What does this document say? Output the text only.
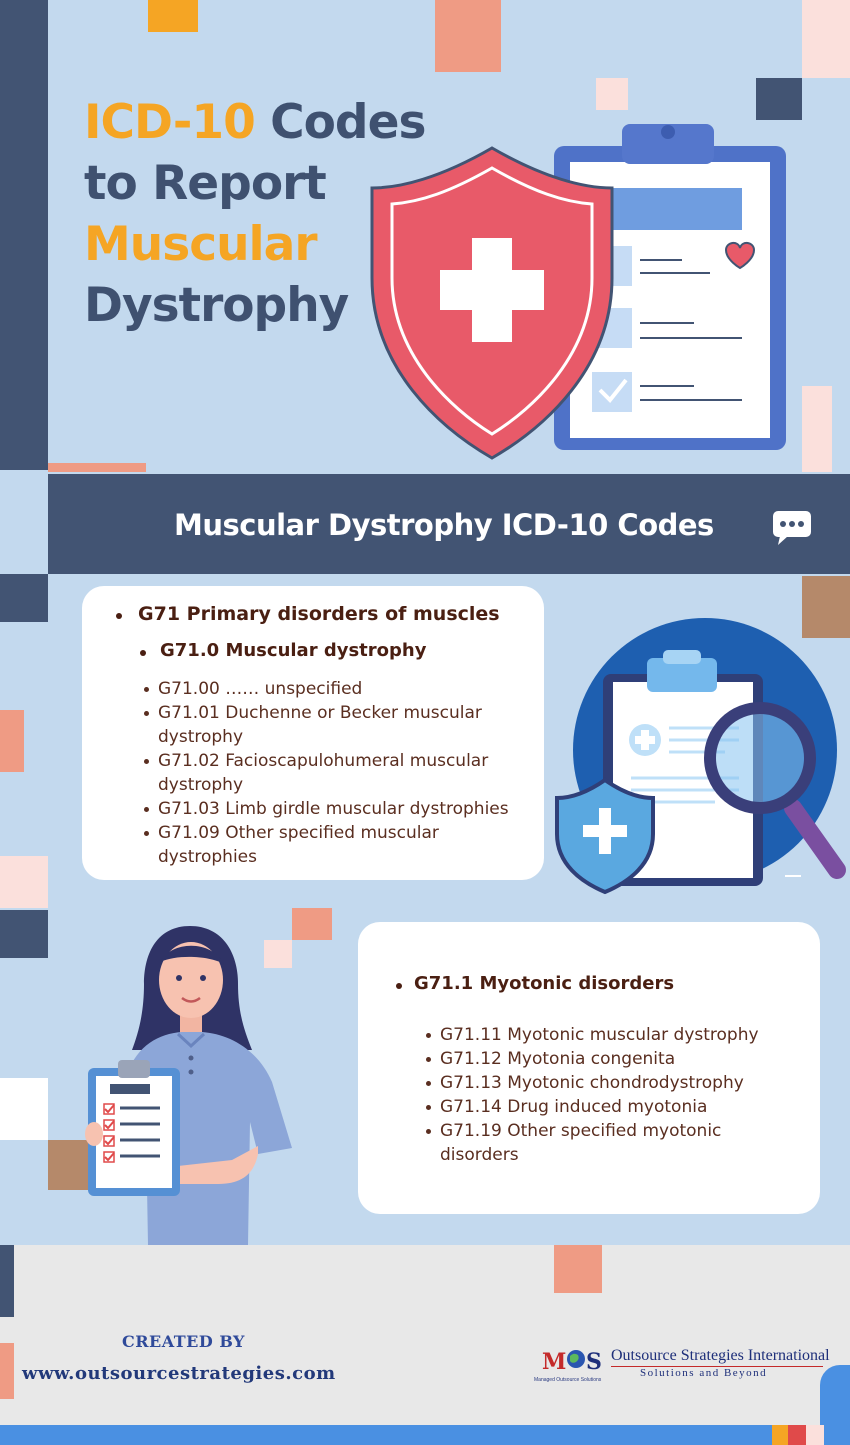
ICD-10 Codes
to Report
Muscular
Dystrophy
Muscular Dystrophy ICD-10 Codes
G71 Primary disorders of muscles
G71.0 Muscular dystrophy
G71.00 …… unspecified
G71.01 Duchenne or Becker muscular
dystrophy
G71.02 Facioscapulohumeral muscular
dystrophy
G71.03 Limb girdle muscular dystrophies
G71.09 Other specified muscular
dystrophies
G71.1 Myotonic disorders
G71.11 Myotonic muscular dystrophy
G71.12 Myotonia congenita
G71.13 Myotonic chondrodystrophy
G71.14 Drug induced myotonia
G71.19 Other specified myotonic
disorders
CREATED BY
www.outsourcestrategies.com	M S
Managed Outsource Solutions
Outsource Strategies International
Solutions and Beyond
